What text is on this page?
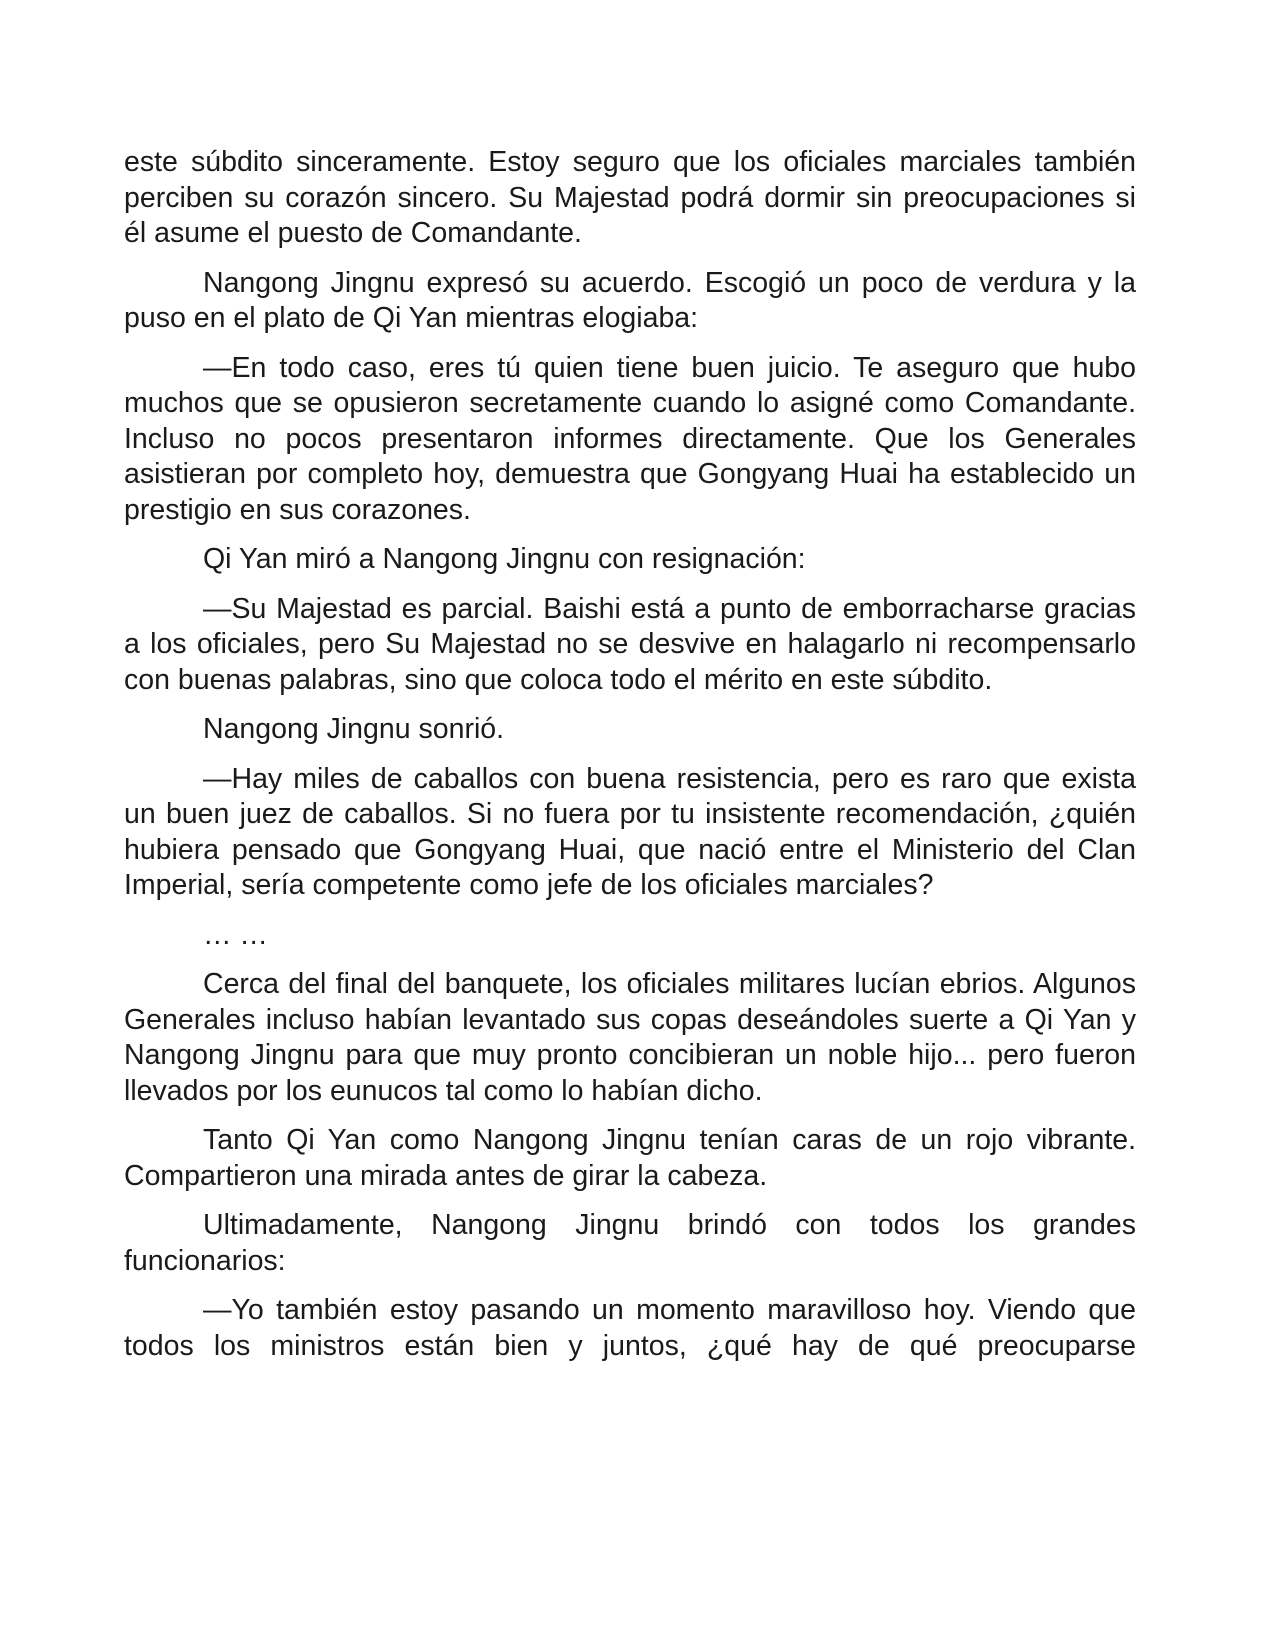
este súbdito sinceramente. Estoy seguro que los oficiales marciales también perciben su corazón sincero. Su Majestad podrá dormir sin preocupaciones si él asume el puesto de Comandante.

Nangong Jingnu expresó su acuerdo. Escogió un poco de verdura y la puso en el plato de Qi Yan mientras elogiaba:

—En todo caso, eres tú quien tiene buen juicio. Te aseguro que hubo muchos que se opusieron secretamente cuando lo asigné como Comandante. Incluso no pocos presentaron informes directamente. Que los Generales asistieran por completo hoy, demuestra que Gongyang Huai ha establecido un prestigio en sus corazones.

Qi Yan miró a Nangong Jingnu con resignación:

—Su Majestad es parcial. Baishi está a punto de emborracharse gracias a los oficiales, pero Su Majestad no se desvive en halagarlo ni recompensarlo con buenas palabras, sino que coloca todo el mérito en este súbdito.

Nangong Jingnu sonrió.

—Hay miles de caballos con buena resistencia, pero es raro que exista un buen juez de caballos. Si no fuera por tu insistente recomendación, ¿quién hubiera pensado que Gongyang Huai, que nació entre el Ministerio del Clan Imperial, sería competente como jefe de los oficiales marciales?

… …

Cerca del final del banquete, los oficiales militares lucían ebrios. Algunos Generales incluso habían levantado sus copas deseándoles suerte a Qi Yan y Nangong Jingnu para que muy pronto concibieran un noble hijo... pero fueron llevados por los eunucos tal como lo habían dicho.

Tanto Qi Yan como Nangong Jingnu tenían caras de un rojo vibrante. Compartieron una mirada antes de girar la cabeza.

Ultimadamente, Nangong Jingnu brindó con todos los grandes funcionarios:

—Yo también estoy pasando un momento maravilloso hoy. Viendo que todos los ministros están bien y juntos, ¿qué hay de qué preocuparse
